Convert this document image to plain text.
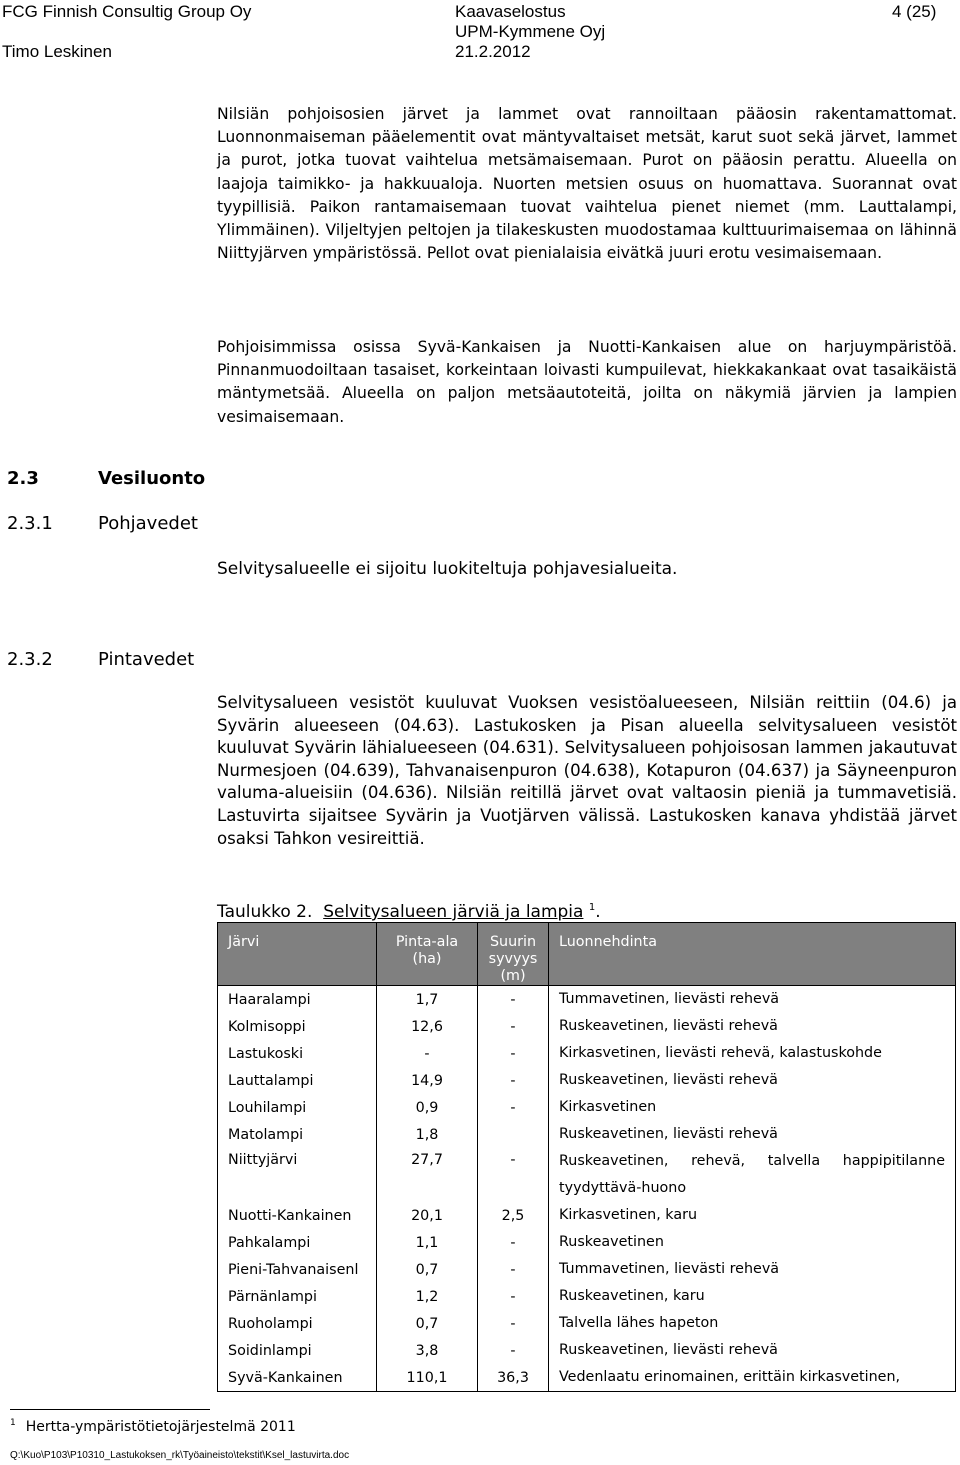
FCG Finnish Consultig Group Oy
Timo Leskinen
Kaavaselostus
UPM-Kymmene Oyj
21.2.2012
4 (25)

Nilsiän pohjoisosien järvet ja lammet ovat rannoiltaan pääosin rakentamattomat. Luonnonmaiseman pääelementit ovat mäntyvaltaiset metsät, karut suot sekä järvet, lammet ja purot, jotka tuovat vaihtelua metsämaisemaan. Purot on pääosin perattu. Alueella on laajoja taimikko- ja hakkuualoja. Nuorten metsien osuus on huomattava. Suorannat ovat tyypillisiä. Paikon rantamaisemaan tuovat vaihtelua pienet niemet (mm. Lauttalampi, Ylimmäinen). Viljeltyjen peltojen ja tilakeskusten muodostamaa kulttuurimaisemaa on lähinnä Niittyjärven ympäristössä. Pellot ovat pienialaisia eivätkä juuri erotu vesimaisemaan.

Pohjoisimmissa osissa Syvä-Kankaisen ja Nuotti-Kankaisen alue on harjuympäristöä. Pinnanmuodoiltaan tasaiset, korkeintaan loivasti kumpuilevat, hiekkakankaat ovat tasaikäistä mäntymetsää. Alueella on paljon metsäautoteitä, joilta on näkymiä järvien ja lampien vesimaisemaan.

2.3	Vesiluonto
2.3.1	Pohjavedet

Selvitysalueelle ei sijoitu luokiteltuja pohjavesialueita.

2.3.2	Pintavedet

Selvitysalueen vesistöt kuuluvat Vuoksen vesistöalueeseen, Nilsiän reittiin (04.6) ja Syvärin alueeseen (04.63). Lastukosken ja Pisan alueella selvitysalueen vesistöt kuuluvat Syvärin lähialueeseen (04.631). Selvitysalueen pohjoisosan lammen jakautuvat Nurmesjoen (04.639), Tahvanaisenpuron (04.638), Kotapuron (04.637) ja Säyneenpuron valuma-alueisiin (04.636). Nilsiän reitillä järvet ovat valtaosin pieniä ja tummavetisiä. Lastuvirta sijaitsee Syvärin ja Vuotjärven välissä. Lastukosken kanava yhdistää järvet osaksi Tahkon vesireittiä.

Taulukko 2. Selvitysalueen järviä ja lampia $^1$.
Järvi	Pinta-ala (ha)	Suurin syvyys (m)	Luonnehdinta
Haaralampi	1,7	-	Tummavetinen, lievästi rehevä
Kolmisoppi	12,6	-	Ruskeavetinen, lievästi rehevä
Lastukoski	-	-	Kirkasvetinen, lievästi rehevä, kalastuskohde
Lauttalampi	14,9	-	Ruskeavetinen, lievästi rehevä
Louhilampi	0,9	-	Kirkasvetinen
Matolampi	1,8		Ruskeavetinen, lievästi rehevä
Niittyjärvi	27,7	-	Ruskeavetinen, rehevä, talvella happipitilanne tyydyttävä-huono
Nuotti-Kankainen	20,1	2,5	Kirkasvetinen, karu
Pahkalampi	1,1	-	Ruskeavetinen
Pieni-Tahvanaisenl	0,7	-	Tummavetinen, lievästi rehevä
Pärnänlampi	1,2	-	Ruskeavetinen, karu
Ruoholampi	0,7	-	Talvella lähes hapeton
Soidinlampi	3,8	-	Ruskeavetinen, lievästi rehevä
Syvä-Kankainen	110,1	36,3	Vedenlaatu erinomainen, erittäin kirkasvetinen,
$^1$ Hertta-ympäristötietojärjestelmä 2011
Q:\Kuo\P103\P10310_Lastukoksen_rk\Työaineisto\tekstit\Ksel_lastuvirta.doc
